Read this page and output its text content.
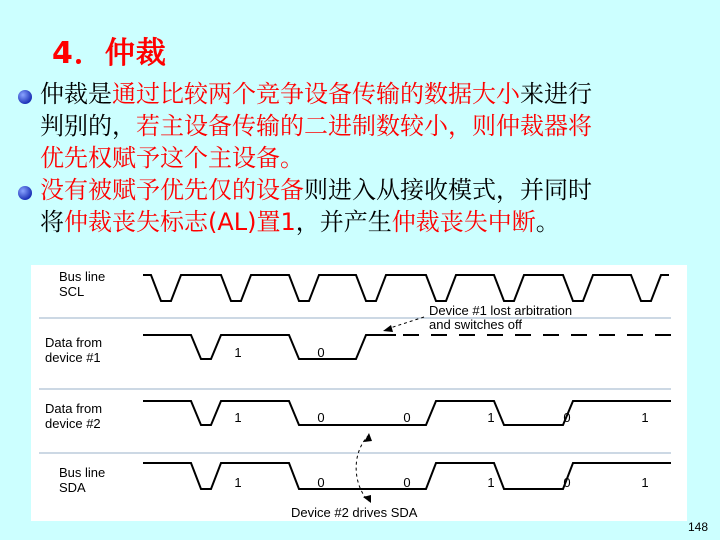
4．仲裁
仲裁是通过比较两个竞争设备传输的数据大小来进行
判别的，若主设备传输的二进制数较小，则仲裁器将
优先权赋予这个主设备。
没有被赋予优先仅的设备则进入从接收模式，并同时
将仲裁丧失标志(AL)置1，并产生仲裁丧失中断。
Bus line
SCL
Data from
device #1
Data from
device #2
Bus line
SDA
1	0
1	0	0	1	0	1
1	0	0	1	0	1
Device #1 lost arbitration
and switches off
Device #2 drives SDA
148
